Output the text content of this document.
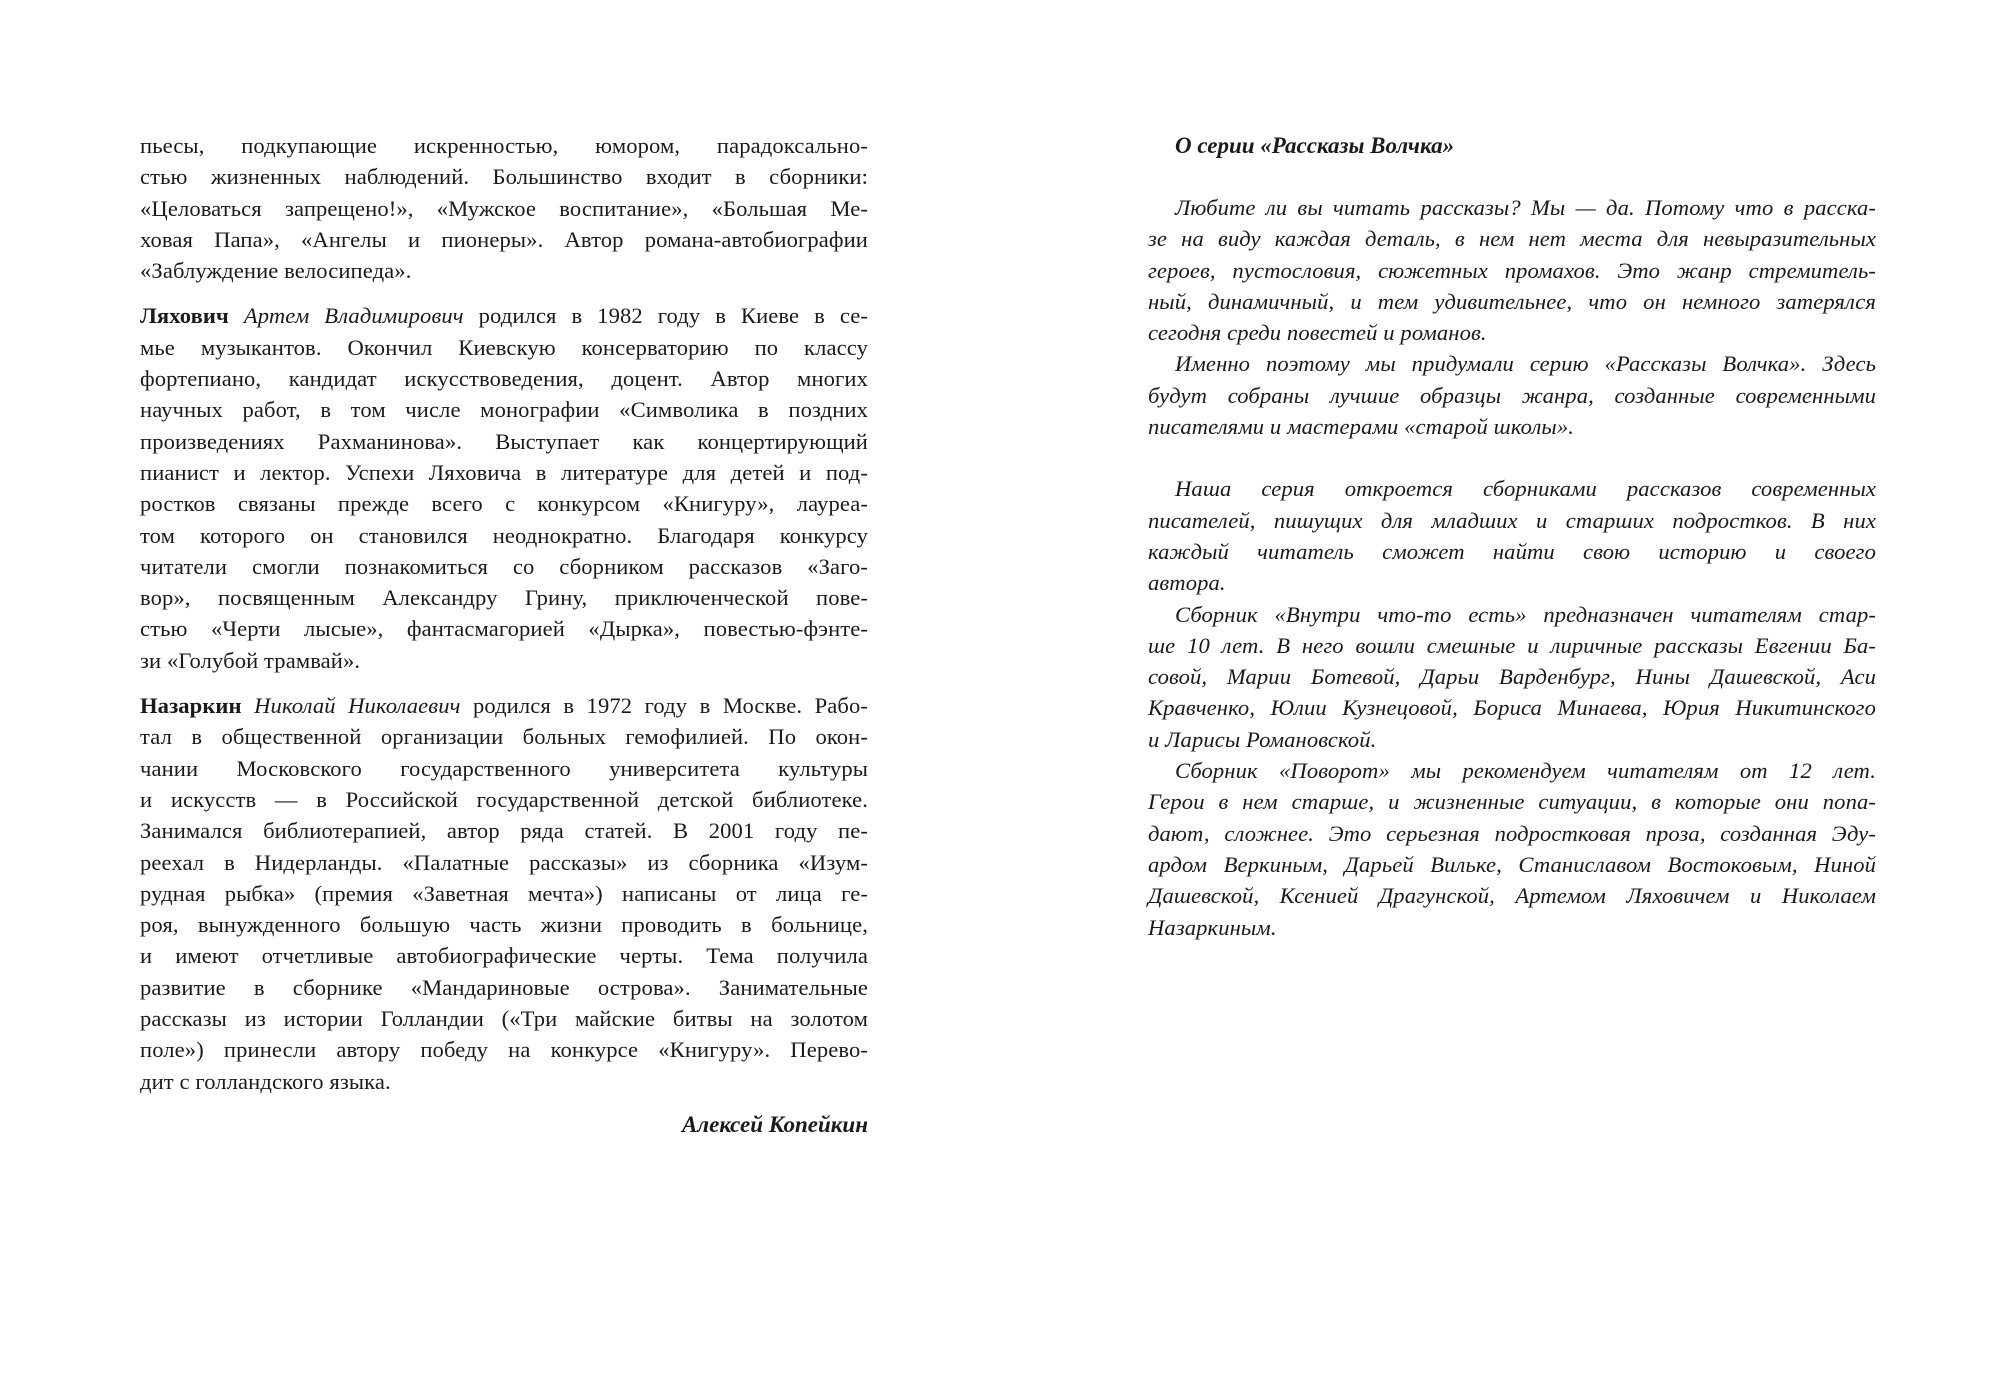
пьесы, подкупающие искренностью, юмором, парадоксально-
стью жизненных наблюдений. Большинство входит в сборники:
«Целоваться запрещено!», «Мужское воспитание», «Большая Ме-
ховая Папа», «Ангелы и пионеры». Автор романа-автобиографии
«Заблуждение велосипеда».
Ляхович Артем Владимирович родился в 1982 году в Киеве в се-
мье музыкантов. Окончил Киевскую консерваторию по классу
фортепиано, кандидат искусствоведения, доцент. Автор многих
научных работ, в том числе монографии «Символика в поздних
произведениях Рахманинова». Выступает как концертирующий
пианист и лектор. Успехи Ляховича в литературе для детей и под-
ростков связаны прежде всего с конкурсом «Книгуру», лауреа-
том которого он становился неоднократно. Благодаря конкурсу
читатели смогли познакомиться со сборником рассказов «Заго-
вор», посвященным Александру Грину, приключенческой пове-
стью «Черти лысые», фантасмагорией «Дырка», повестью-фэнте-
зи «Голубой трамвай».
Назаркин Николай Николаевич родился в 1972 году в Москве. Рабо-
тал в общественной организации больных гемофилией. По окон-
чании Московского государственного университета культуры
и искусств — в Российской государственной детской библиотеке.
Занимался библиотерапией, автор ряда статей. В 2001 году пе-
реехал в Нидерланды. «Палатные рассказы» из сборника «Изум-
рудная рыбка» (премия «Заветная мечта») написаны от лица ге-
роя, вынужденного большую часть жизни проводить в больнице,
и имеют отчетливые автобиографические черты. Тема получила
развитие в сборнике «Мандариновые острова». Занимательные
рассказы из истории Голландии («Три майские битвы на золотом
поле») принесли автору победу на конкурсе «Книгуру». Перево-
дит с голландского языка.
Алексей Копейкин
О серии «Рассказы Волчка»
Любите ли вы читать рассказы? Мы — да. Потому что в расска-
зе на виду каждая деталь, в нем нет места для невыразительных
героев, пустословия, сюжетных промахов. Это жанр стремитель-
ный, динамичный, и тем удивительнее, что он немного затерялся
сегодня среди повестей и романов.
Именно поэтому мы придумали серию «Рассказы Волчка». Здесь
будут собраны лучшие образцы жанра, созданные современными
писателями и мастерами «старой школы».
Наша серия откроется сборниками рассказов современных
писателей, пишущих для младших и старших подростков. В них
каждый читатель сможет найти свою историю и своего
автора.
Сборник «Внутри что-то есть» предназначен читателям стар-
ше 10 лет. В него вошли смешные и лиричные рассказы Евгении Ба-
совой, Марии Ботевой, Дарьи Варденбург, Нины Дашевской, Аси
Кравченко, Юлии Кузнецовой, Бориса Минаева, Юрия Никитинского
и Ларисы Романовской.
Сборник «Поворот» мы рекомендуем читателям от 12 лет.
Герои в нем старше, и жизненные ситуации, в которые они попа-
дают, сложнее. Это серьезная подростковая проза, созданная Эду-
ардом Веркиным, Дарьей Вильке, Станиславом Востоковым, Ниной
Дашевской, Ксенией Драгунской, Артемом Ляховичем и Николаем
Назаркиным.
